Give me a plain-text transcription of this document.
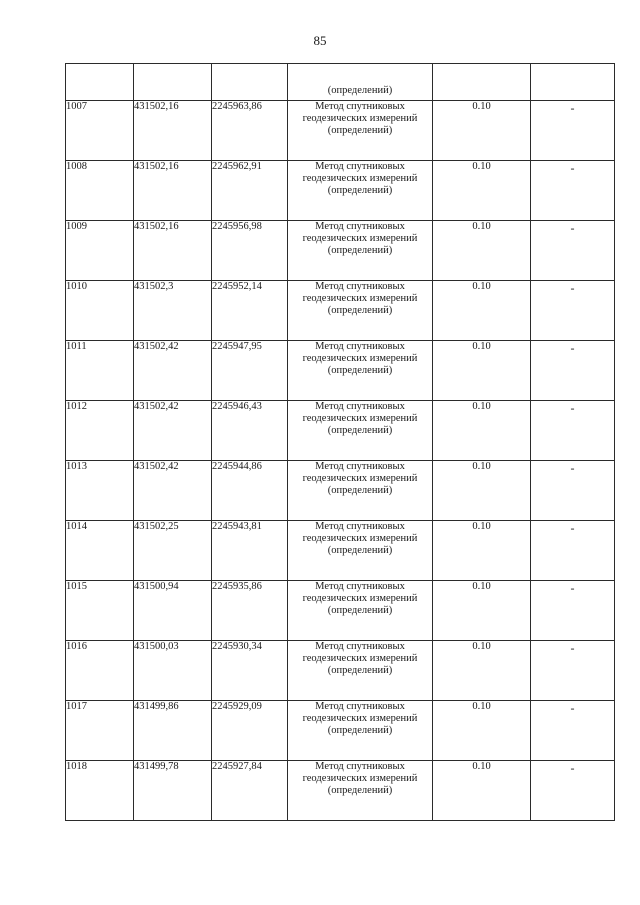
85

			(определений)		

1007	431502,16	2245963,86	Метод спутниковых
геодезических измерений
(определений)	0.10	-
1008	431502,16	2245962,91	Метод спутниковых
геодезических измерений
(определений)	0.10	-
1009	431502,16	2245956,98	Метод спутниковых
геодезических измерений
(определений)	0.10	-
1010	431502,3	2245952,14	Метод спутниковых
геодезических измерений
(определений)	0.10	-
1011	431502,42	2245947,95	Метод спутниковых
геодезических измерений
(определений)	0.10	-
1012	431502,42	2245946,43	Метод спутниковых
геодезических измерений
(определений)	0.10	-
1013	431502,42	2245944,86	Метод спутниковых
геодезических измерений
(определений)	0.10	-
1014	431502,25	2245943,81	Метод спутниковых
геодезических измерений
(определений)	0.10	-
1015	431500,94	2245935,86	Метод спутниковых
геодезических измерений
(определений)	0.10	-
1016	431500,03	2245930,34	Метод спутниковых
геодезических измерений
(определений)	0.10	-
1017	431499,86	2245929,09	Метод спутниковых
геодезических измерений
(определений)	0.10	-
1018	431499,78	2245927,84	Метод спутниковых
геодезических измерений
(определений)	0.10	-
